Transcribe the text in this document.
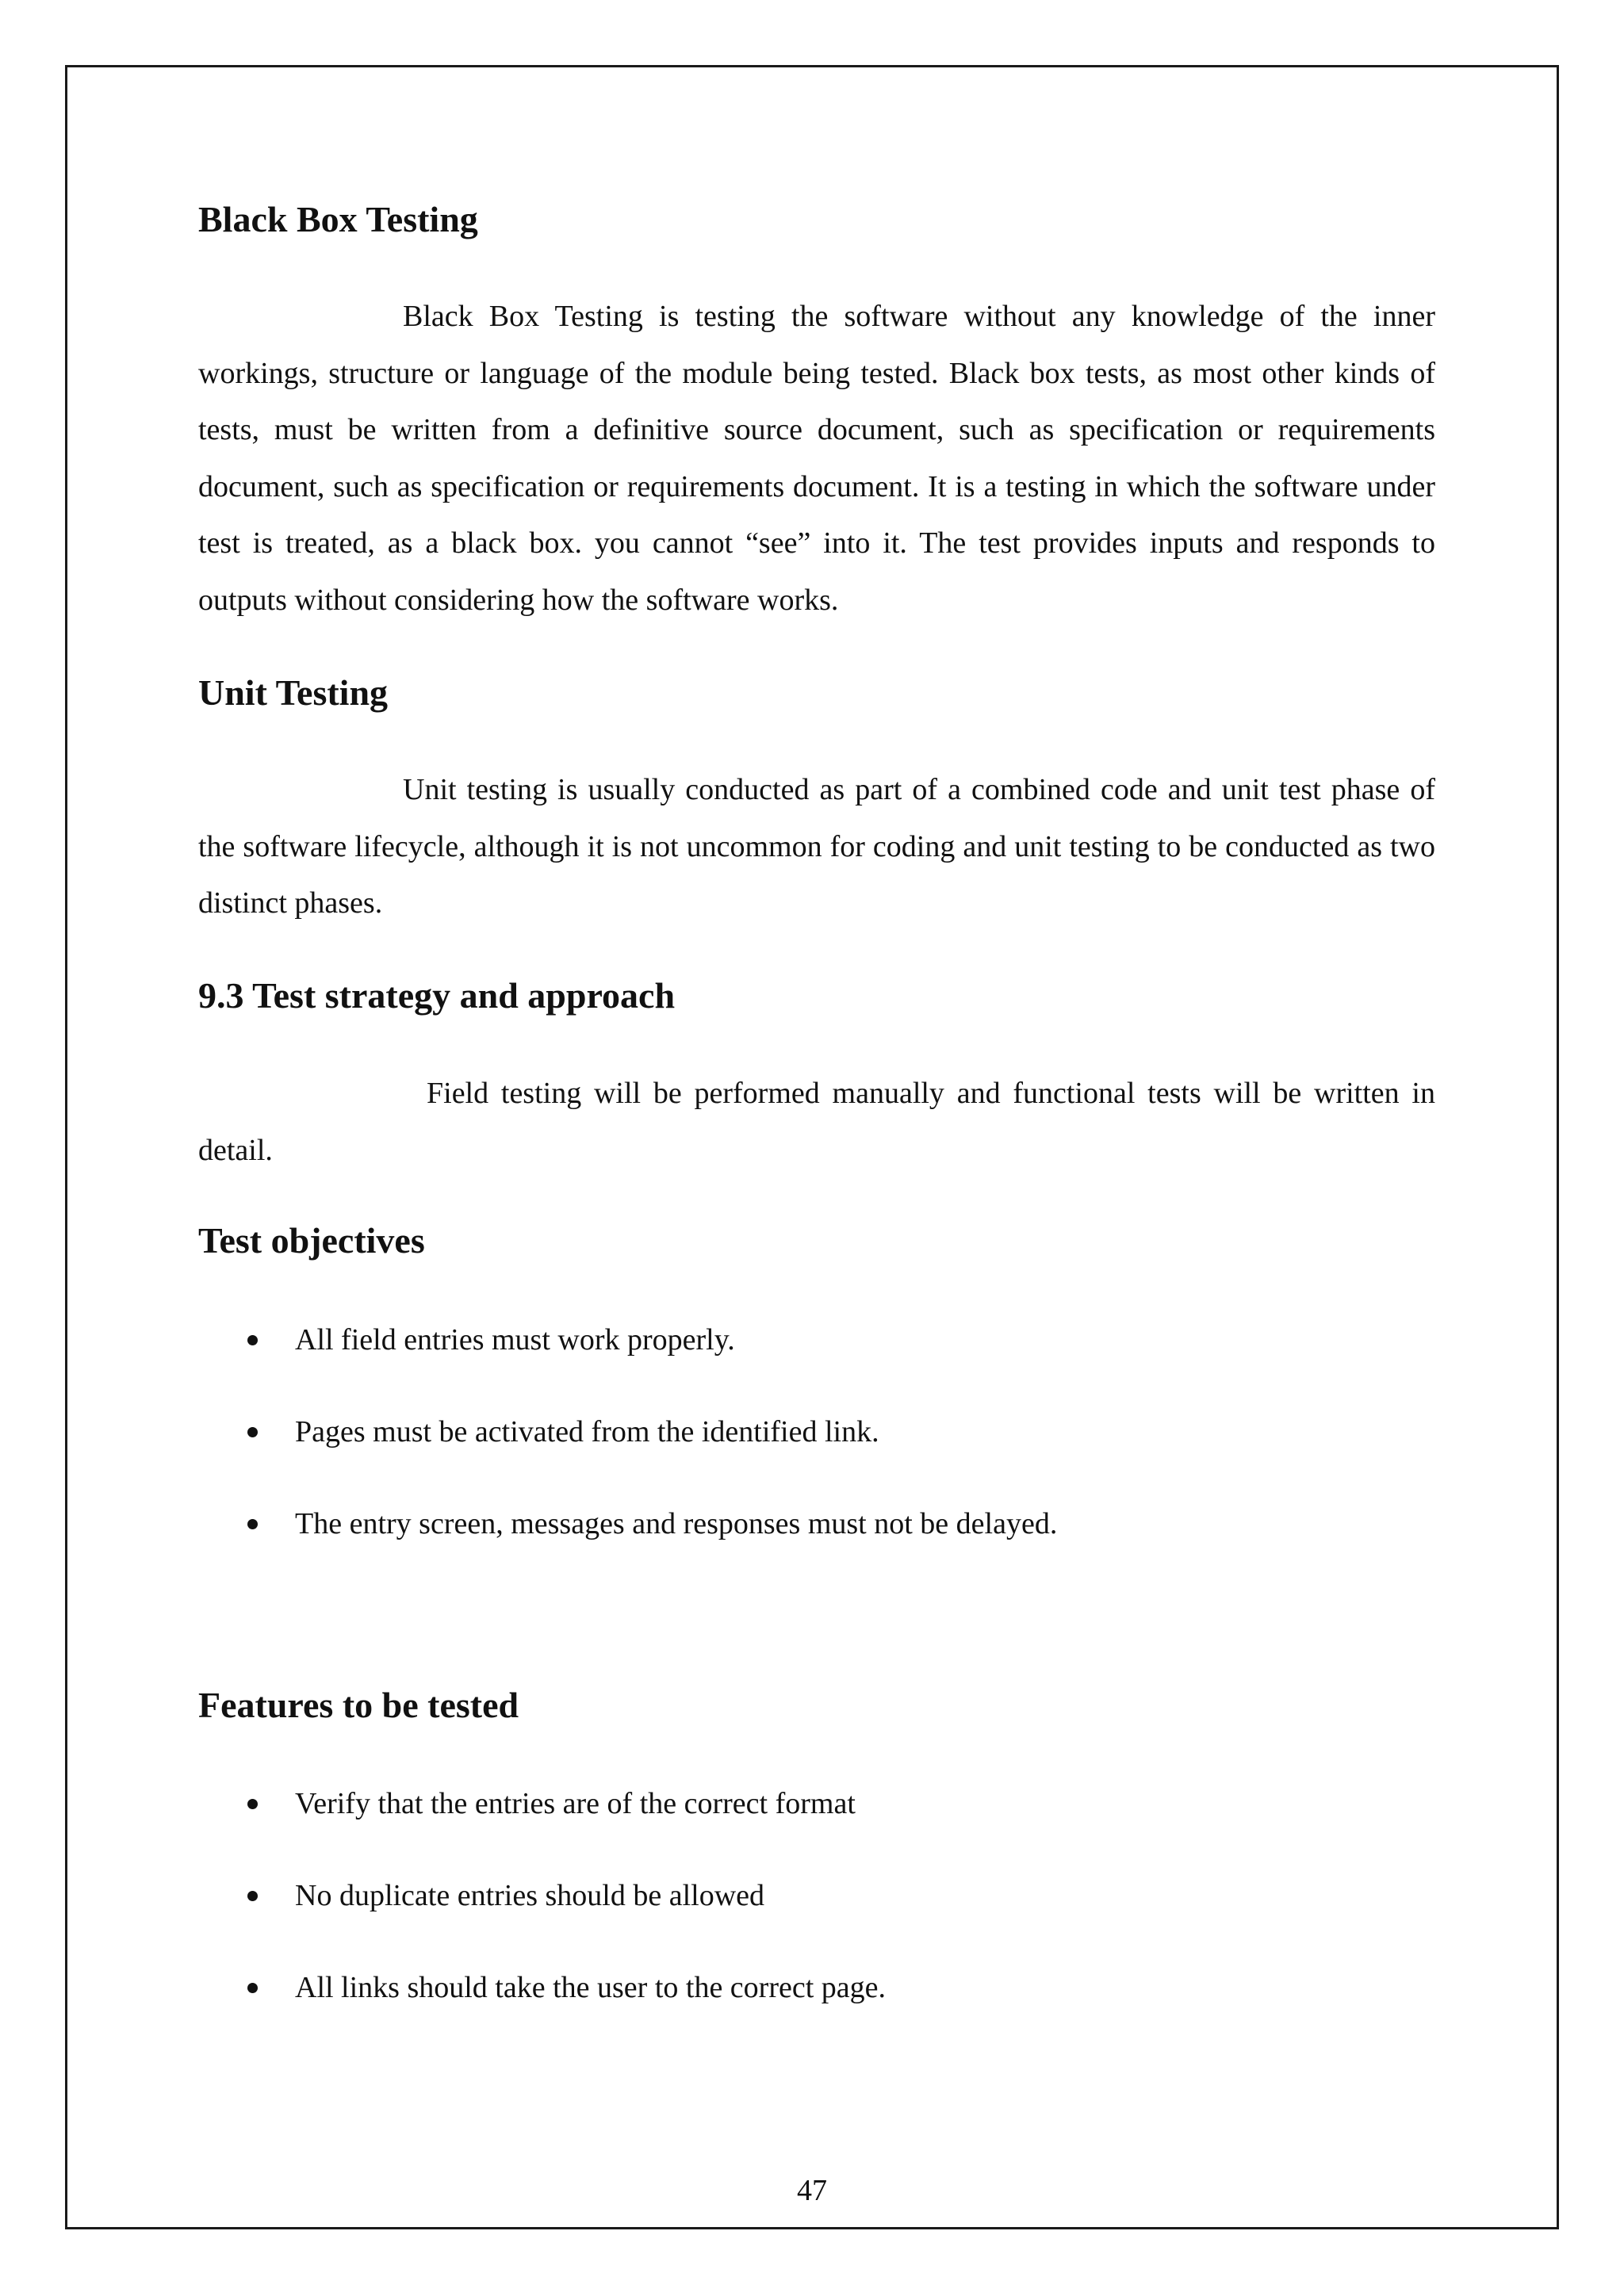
Black Box Testing

Black Box Testing is testing the software without any knowledge of the inner workings, structure or language of the module being tested. Black box tests, as most other kinds of tests, must be written from a definitive source document, such as specification or requirements document, such as specification or requirements document. It is a testing in which the software under test is treated, as a black box. you cannot “see” into it. The test provides inputs and responds to outputs without considering how the software works.

Unit Testing

Unit testing is usually conducted as part of a combined code and unit test phase of the software lifecycle, although it is not uncommon for coding and unit testing to be conducted as two distinct phases.

9.3 Test strategy and approach

Field testing will be performed manually and functional tests will be written in detail.

Test objectives
All field entries must work properly.
Pages must be activated from the identified link.
The entry screen, messages and responses must not be delayed.
Features to be tested
Verify that the entries are of the correct format
No duplicate entries should be allowed
All links should take the user to the correct page.
47
